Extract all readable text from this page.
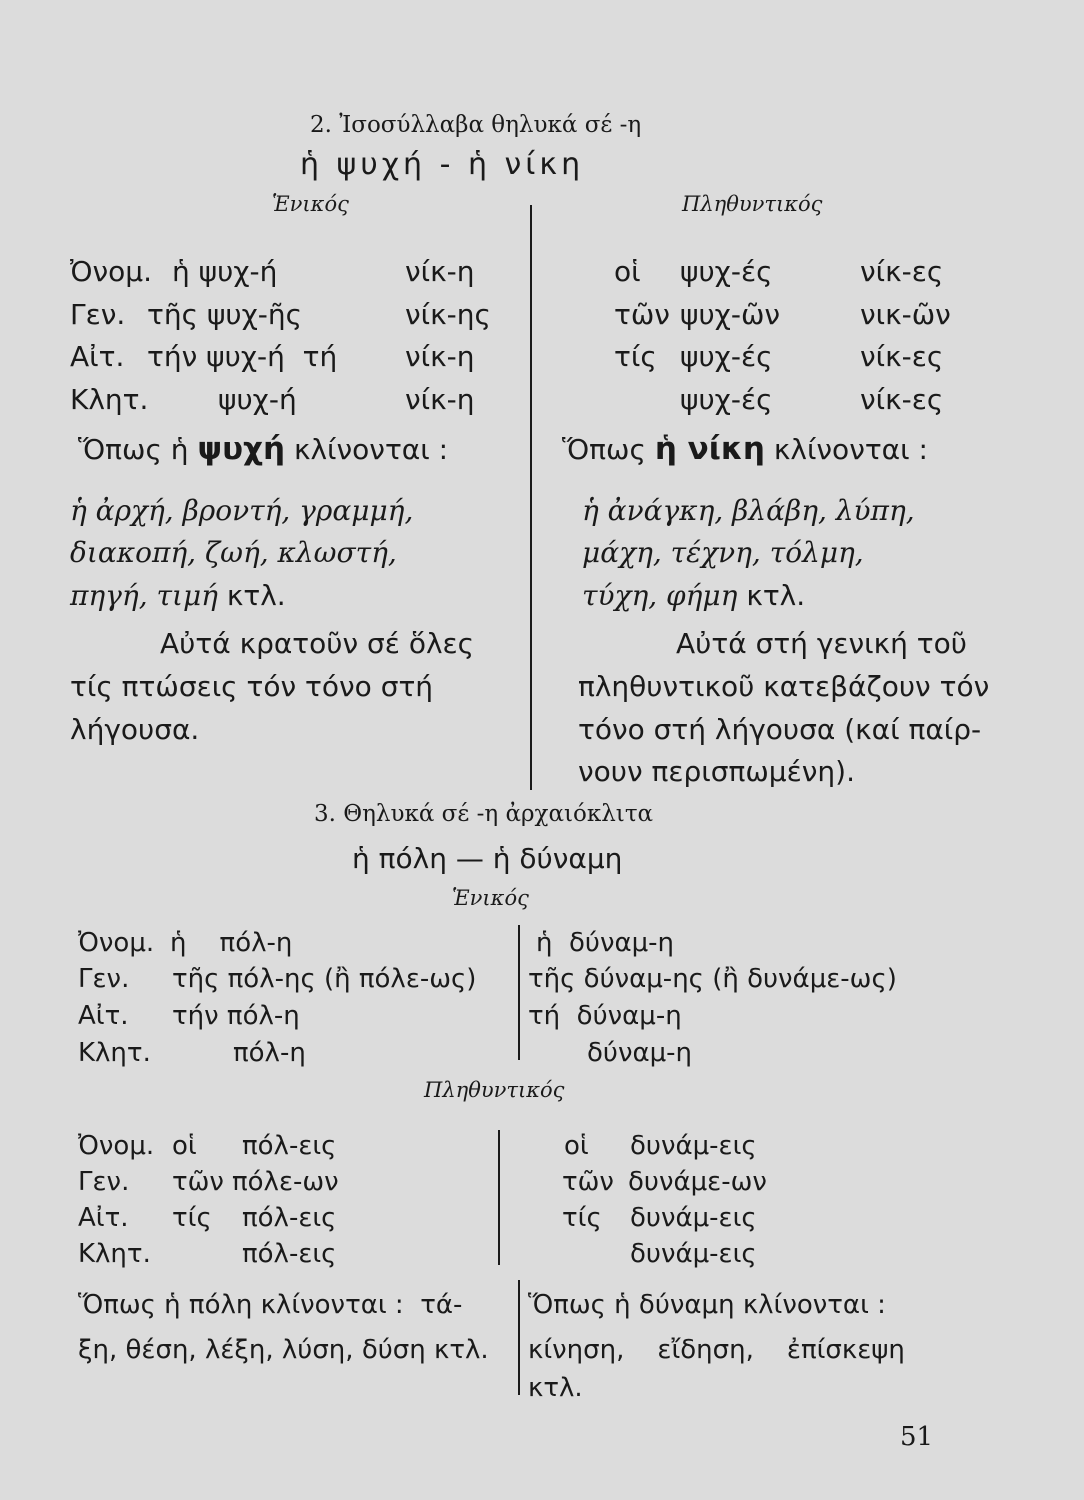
2. Ἰσοσύλλαβα θηλυκά σέ -η
ἡ ψυχή - ἡ νίκη
Ἑνικός	Πληθυντικός
Ὀνομ. ἡ ψυχ-ή	νίκ-η
Γεν. τῆς ψυχ-ῆς	νίκ-ης
Αἰτ. τήν ψυχ-ή  τή νίκ-η
Κλητ. ψυχ-ή	νίκ-η
οἱ ψυχ-ές	νίκ-ες
τῶν ψυχ-ῶν	νικ-ῶν
τίς ψυχ-ές	νίκ-ες
ψυχ-ές	νίκ-ες
Ὅπως ἡ ψυχή κλίνονται :	Ὅπως ἡ νίκη κλίνονται :
ἡ ἀρχή, βροντή, γραμμή,
διακοπή, ζωή, κλωστή,
πηγή, τιμή κτλ.
ἡ ἀνάγκη, βλάβη, λύπη,
μάχη, τέχνη, τόλμη,
τύχη, φήμη κτλ.
Αὐτά κρατοῦν σέ ὅλες
τίς πτώσεις τόν τόνο στή
λήγουσα.
Αὐτά στή γενική τοῦ
πληθυντικοῦ κατεβάζουν τόν
τόνο στή λήγουσα (καί παίρ-
νουν περισπωμένη).
3. Θηλυκά σέ -η ἀρχαιόκλιτα
ἡ πόλη — ἡ δύναμη
Ἑνικός
Ὀνομ. ἡ    πόλ-η	ἡ  δύναμ-η
Γεν. τῆς πόλ-ης (ἢ πόλε-ως) τῆς δύναμ-ης (ἢ δυνάμε-ως)
Αἰτ. τήν πόλ-η	τή  δύναμ-η
Κλητ.	πόλ-η	δύναμ-η
Πληθυντικός
Ὀνομ. οἱ πόλ-εις	οἱ δυνάμ-εις
Γεν. τῶν πόλε-ων	τῶν δυνάμε-ων
Αἰτ. τίς πόλ-εις	τίς δυνάμ-εις
Κλητ.	πόλ-εις	δυνάμ-εις
Ὅπως ἡ πόλη κλίνονται :  τά-
ξη, θέση, λέξη, λύση, δύση κτλ.
Ὅπως ἡ δύναμη κλίνονται :
κίνηση,    εἴδηση,    ἐπίσκεψη
κτλ.
51
